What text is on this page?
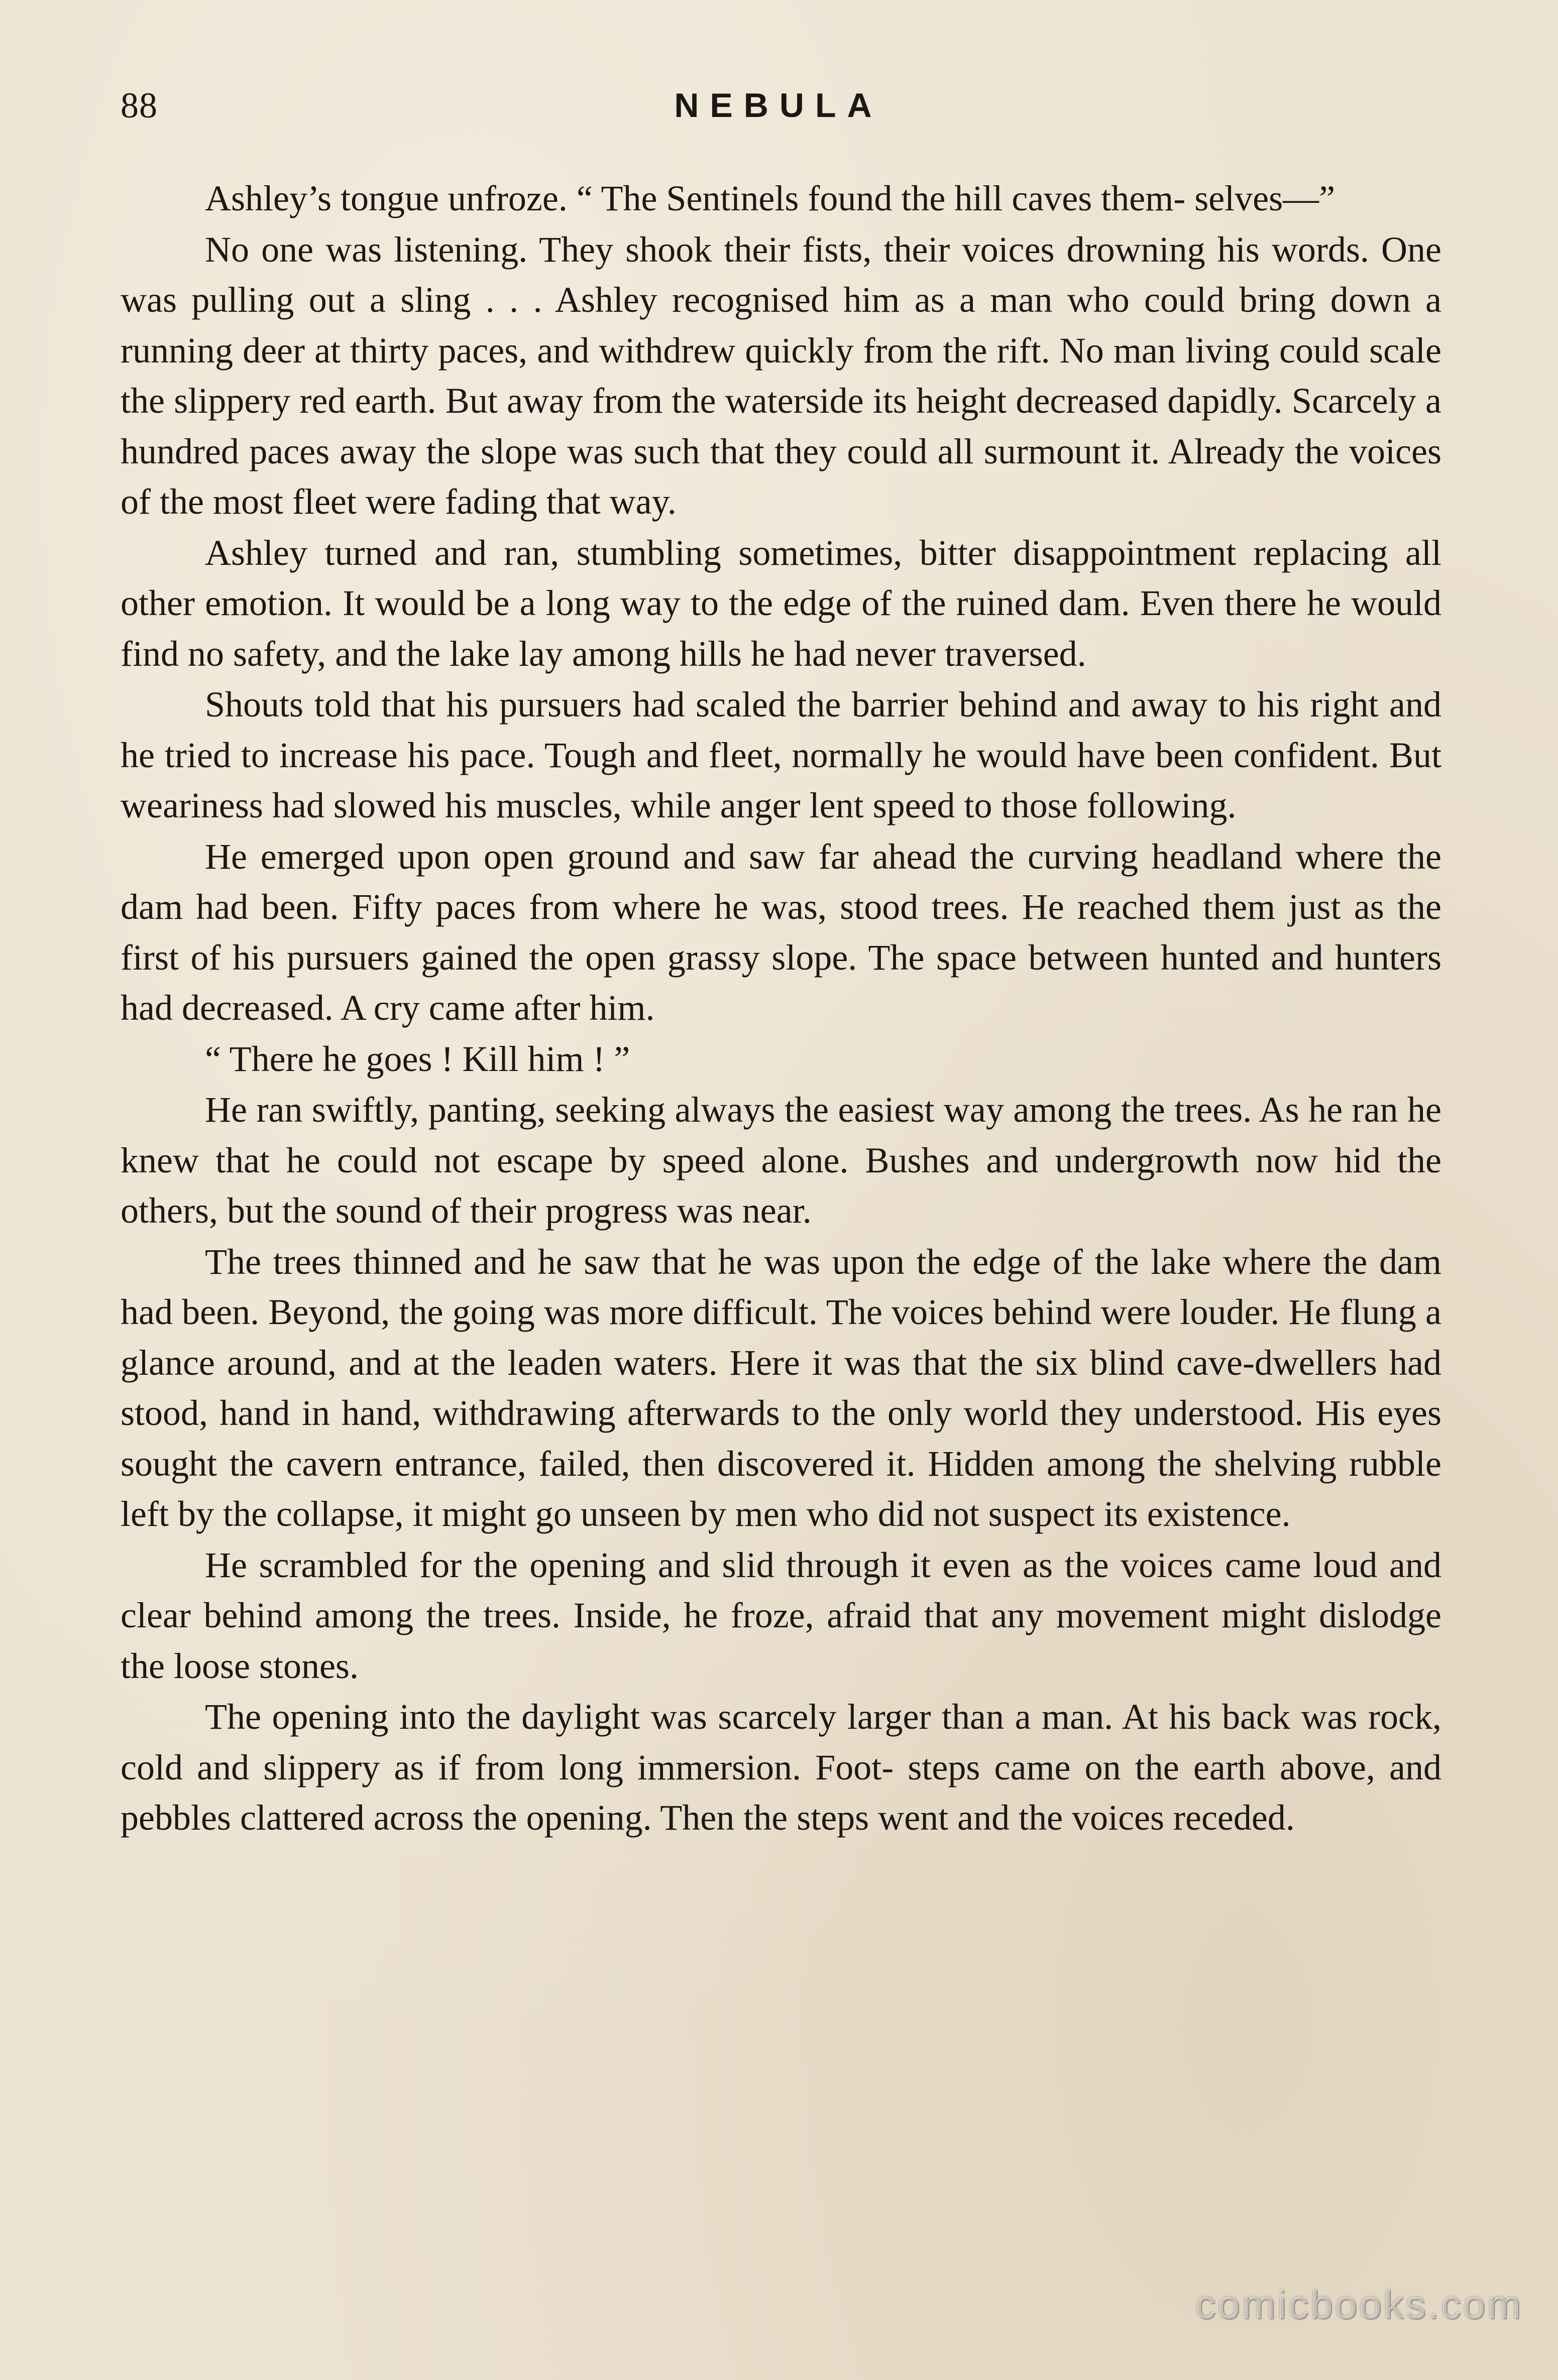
88	NEBULA

Ashley’s tongue unfroze. “ The Sentinels found the hill caves them- selves—”

No one was listening. They shook their fists, their voices drowning his words. One was pulling out a sling . . . Ashley recognised him as a man who could bring down a running deer at thirty paces, and withdrew quickly from the rift. No man living could scale the slippery red earth. But away from the waterside its height decreased dapidly. Scarcely a hundred paces away the slope was such that they could all surmount it. Already the voices of the most fleet were fading that way.

Ashley turned and ran, stumbling sometimes, bitter disappointment replacing all other emotion. It would be a long way to the edge of the ruined dam. Even there he would find no safety, and the lake lay among hills he had never traversed.

Shouts told that his pursuers had scaled the barrier behind and away to his right and he tried to increase his pace. Tough and fleet, normally he would have been confident. But weariness had slowed his muscles, while anger lent speed to those following.

He emerged upon open ground and saw far ahead the curving headland where the dam had been. Fifty paces from where he was, stood trees. He reached them just as the first of his pursuers gained the open grassy slope. The space between hunted and hunters had decreased. A cry came after him.

“ There he goes ! Kill him ! ”

He ran swiftly, panting, seeking always the easiest way among the trees. As he ran he knew that he could not escape by speed alone. Bushes and undergrowth now hid the others, but the sound of their progress was near.

The trees thinned and he saw that he was upon the edge of the lake where the dam had been. Beyond, the going was more difficult. The voices behind were louder. He flung a glance around, and at the leaden waters. Here it was that the six blind cave-dwellers had stood, hand in hand, withdrawing afterwards to the only world they understood. His eyes sought the cavern entrance, failed, then discovered it. Hidden among the shelving rubble left by the collapse, it might go unseen by men who did not suspect its existence.

He scrambled for the opening and slid through it even as the voices came loud and clear behind among the trees. Inside, he froze, afraid that any movement might dislodge the loose stones.

The opening into the daylight was scarcely larger than a man. At his back was rock, cold and slippery as if from long immersion. Foot- steps came on the earth above, and pebbles clattered across the opening. Then the steps went and the voices receded.

comicbooks.com
